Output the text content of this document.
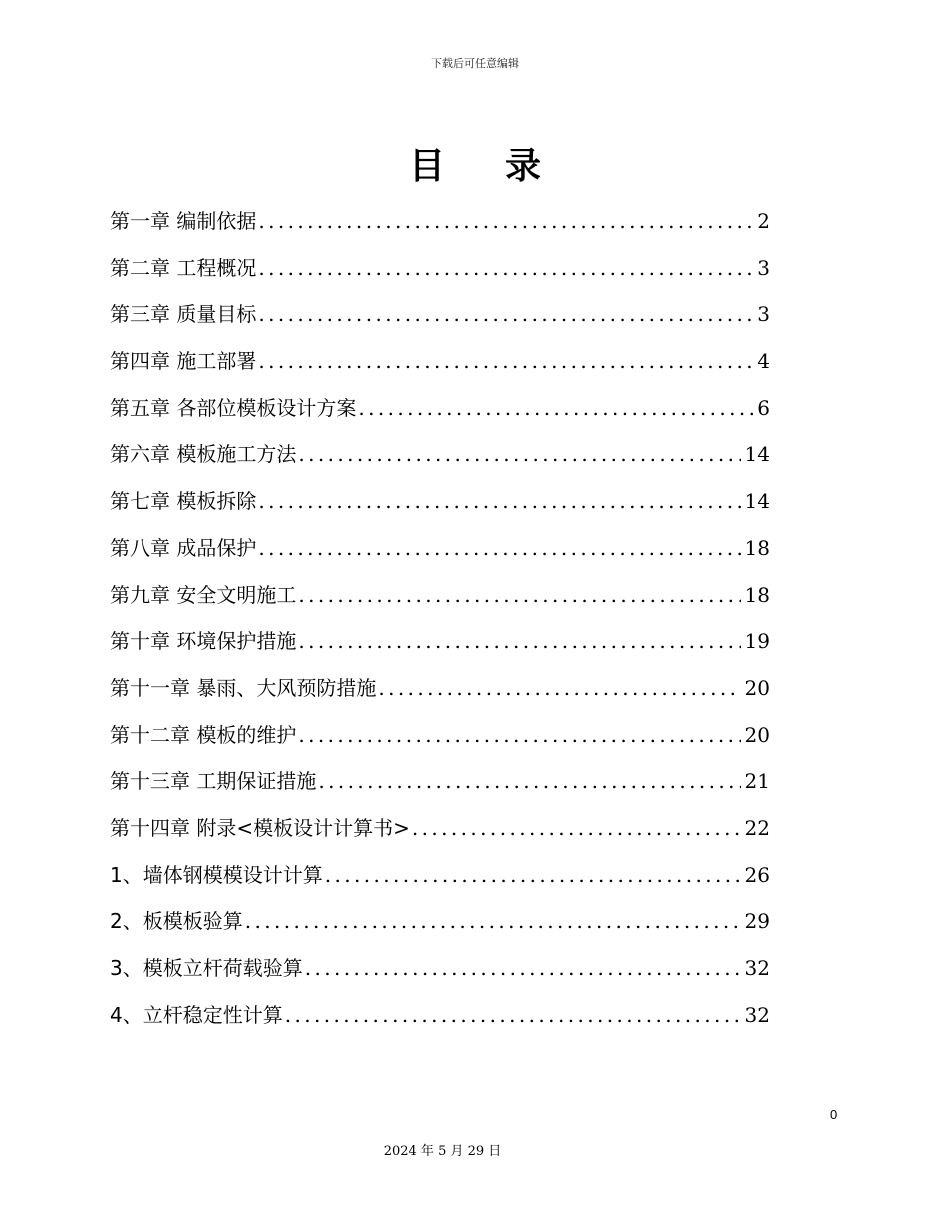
下载后可任意编辑
目录
第一章 编制依据 .....	2
第二章 工程概况 .....	3
第三章 质量目标 .....	3
第四章 施工部署 .....	4
第五章 各部位模板设计方案 .....	6
第六章 模板施工方法 .....	14
第七章 模板拆除 .....	14
第八章 成品保护 .....	18
第九章 安全文明施工 .....	18
第十章 环境保护措施 .....	19
第十一章 暴雨、大风预防措施 .....	20
第十二章 模板的维护 .....	20
第十三章 工期保证措施 .....	21
第十四章 附录<模板设计计算书> .....	22
1、墙体钢模模设计计算 .....	26
2、板模板验算 .....	29
3、模板立杆荷载验算 .....	32
4、立杆稳定性计算 .....	32
0
2024 年 5 月 29 日
